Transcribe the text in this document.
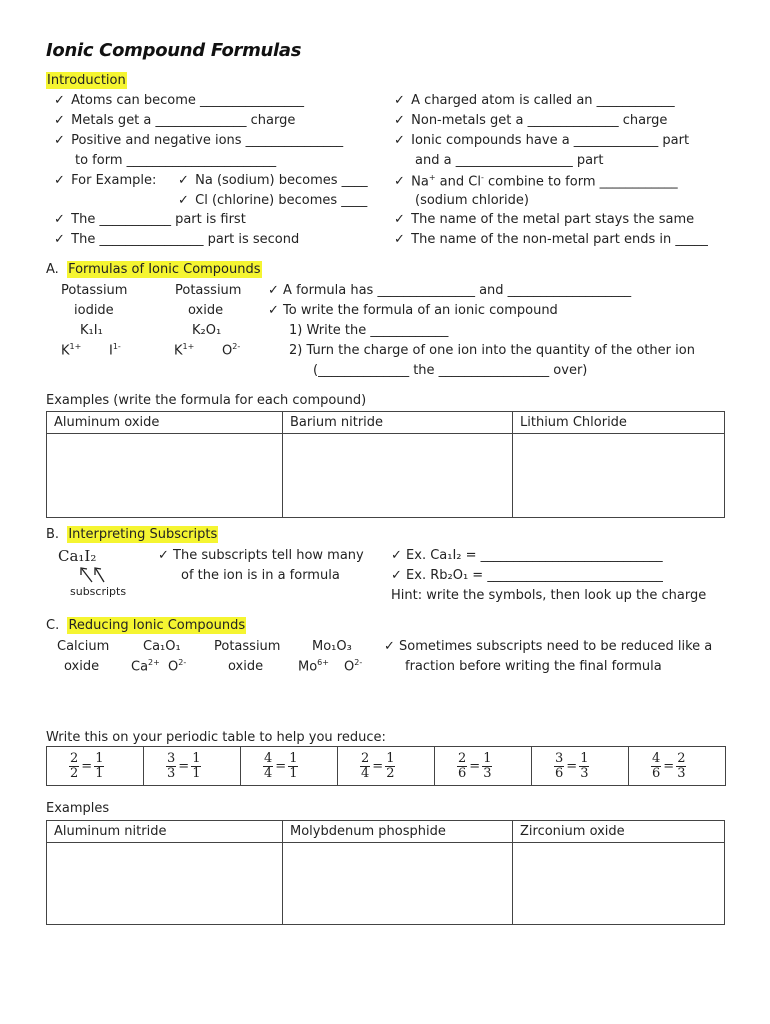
Ionic Compound Formulas
Introduction
✓ Atoms can become ________________
✓ Metals get a ______________ charge
✓ Positive and negative ions _______________
to form _______________________
✓ For Example: ✓ Na (sodium) becomes ____
✓ Cl (chlorine) becomes ____
✓ The ___________ part is first
✓ The ________________ part is second
✓ A charged atom is called an ____________
✓ Non-metals get a ______________ charge
✓ Ionic compounds have a _____________ part
and a __________________ part
✓ Na+ and Cl- combine to form ____________
(sodium chloride)
✓ The name of the metal part stays the same
✓ The name of the non-metal part ends in _____
A. Formulas of Ionic Compounds
Potassium
iodide
K₁I₁
$K^{1+}$ $I^{1-}$
Potassium
oxide
K₂O₁
$K^{1+}$ $O^{2-}$
✓ A formula has _______________ and ___________________
✓ To write the formula of an ionic compound
1) Write the ____________
2) Turn the charge of one ion into the quantity of the other ion
(______________ the _________________ over)
Examples (write the formula for each compound)
Aluminum oxide	Barium nitride	Lithium Chloride

B. Interpreting Subscripts
Ca₁I₂
subscripts
✓ The subscripts tell how many
of the ion is in a formula
✓ Ex. Ca₁I₂ = ____________________________
✓ Ex. Rb₂O₁ = ___________________________
Hint: write the symbols, then look up the charge
C. Reducing Ionic Compounds
Calcium
oxide
Ca₁O₁
$Ca^{2+}$ $O^{2-}$
Potassium
oxide
Mo₁O₃
$Mo^{6+}$ $O^{2-}$
✓ Sometimes subscripts need to be reduced like a
fraction before writing the final formula
Write this on your periodic table to help you reduce:
$\frac{2}{2} = \frac{1}{1}$	$\frac{3}{3} = \frac{1}{1}$	$\frac{4}{4} = \frac{1}{1}$	$\frac{2}{4} = \frac{1}{2}$	$\frac{2}{6} = \frac{1}{3}$	$\frac{3}{6} = \frac{1}{3}$	$\frac{4}{6} = \frac{2}{3}$
Examples
Aluminum nitride	Molybdenum phosphide	Zirconium oxide
